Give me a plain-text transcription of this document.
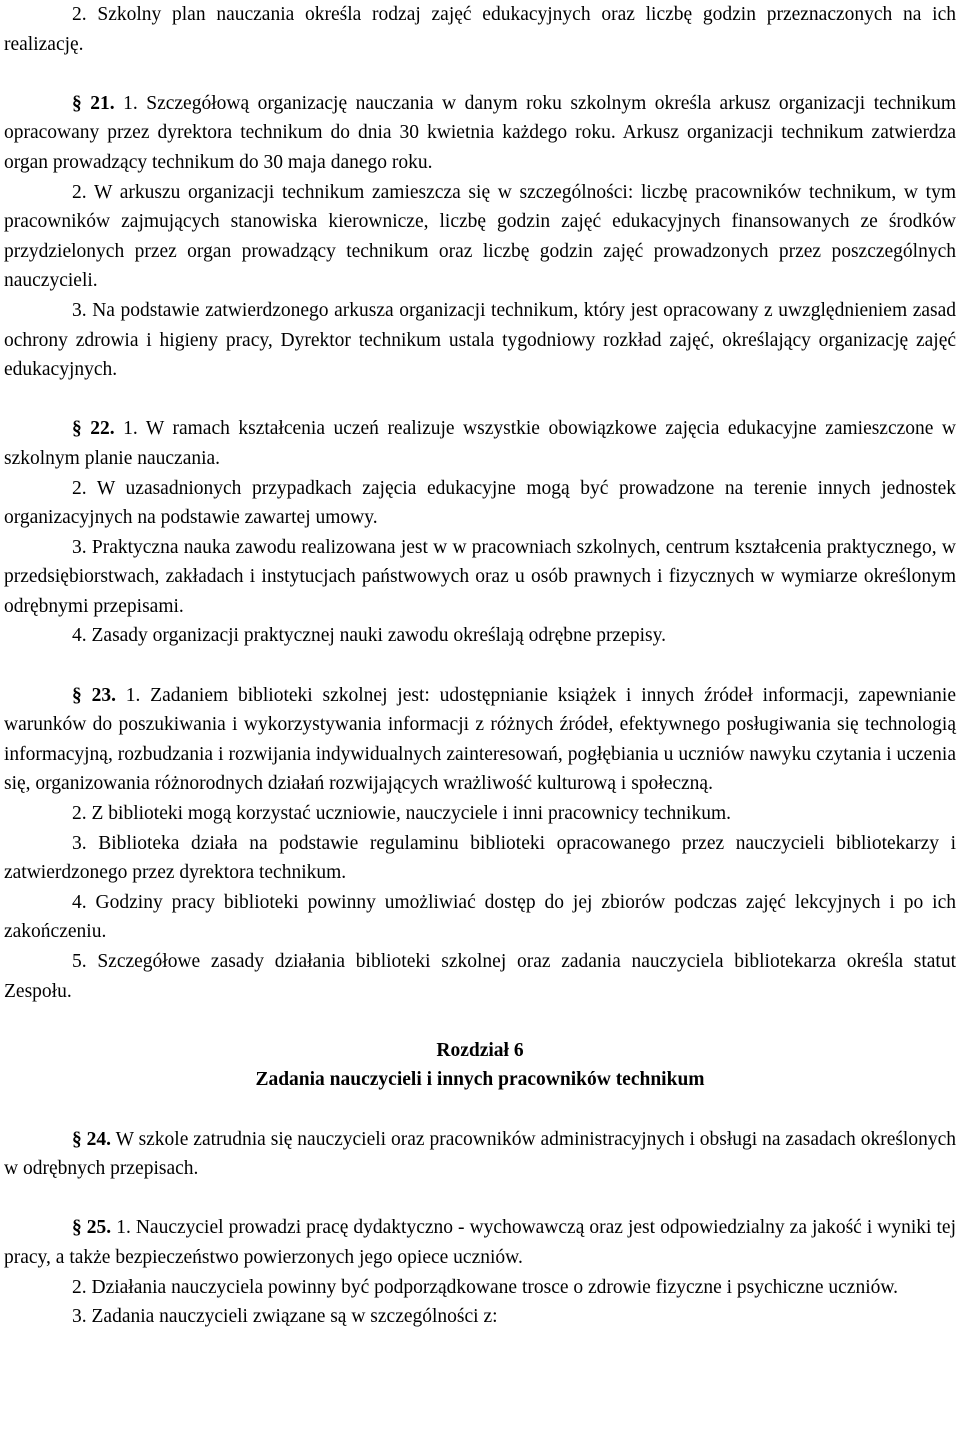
2. Szkolny plan nauczania określa rodzaj zajęć edukacyjnych oraz liczbę godzin przeznaczonych na ich realizację.

§ 21. 1. Szczegółową organizację nauczania w danym roku szkolnym określa arkusz organizacji technikum opracowany przez dyrektora technikum do dnia 30 kwietnia każdego roku. Arkusz organizacji technikum zatwierdza organ prowadzący technikum do 30 maja danego roku.

2. W arkuszu organizacji technikum zamieszcza się w szczególności: liczbę pracowników technikum, w tym pracowników zajmujących stanowiska kierownicze, liczbę godzin zajęć edukacyjnych finansowanych ze środków przydzielonych przez organ prowadzący technikum oraz liczbę godzin zajęć prowadzonych przez poszczególnych nauczycieli.

3. Na podstawie zatwierdzonego arkusza organizacji technikum, który jest opracowany z uwzględnieniem zasad ochrony zdrowia i higieny pracy, Dyrektor technikum ustala tygodniowy rozkład zajęć, określający organizację zajęć edukacyjnych.

§ 22. 1. W ramach kształcenia uczeń realizuje wszystkie obowiązkowe zajęcia edukacyjne zamieszczone w szkolnym planie nauczania.

2. W uzasadnionych przypadkach zajęcia edukacyjne mogą być prowadzone na terenie innych jednostek organizacyjnych na podstawie zawartej umowy.

3. Praktyczna nauka zawodu realizowana jest w w pracowniach szkolnych, centrum kształcenia praktycznego, w przedsiębiorstwach, zakładach i instytucjach państwowych oraz u osób prawnych i fizycznych w wymiarze określonym odrębnymi przepisami.

4. Zasady organizacji praktycznej nauki zawodu określają odrębne przepisy.

§ 23. 1. Zadaniem biblioteki szkolnej jest: udostępnianie książek i innych źródeł informacji, zapewnianie warunków do poszukiwania i wykorzystywania informacji z różnych źródeł, efektywnego posługiwania się technologią informacyjną, rozbudzania i rozwijania indywidualnych zainteresowań, pogłębiania u uczniów nawyku czytania i uczenia się, organizowania różnorodnych działań rozwijających wrażliwość kulturową i społeczną.

2. Z biblioteki mogą korzystać uczniowie, nauczyciele i inni pracownicy technikum.

3. Biblioteka działa na podstawie regulaminu biblioteki opracowanego przez nauczycieli bibliotekarzy i zatwierdzonego przez dyrektora technikum.

4. Godziny pracy biblioteki powinny umożliwiać dostęp do jej zbiorów podczas zajęć lekcyjnych i po ich zakończeniu.

5. Szczegółowe zasady działania biblioteki szkolnej oraz zadania nauczyciela bibliotekarza określa statut Zespołu.

Rozdział 6

Zadania nauczycieli i innych pracowników technikum

§ 24. W szkole zatrudnia się nauczycieli oraz pracowników administracyjnych i obsługi na zasadach określonych w odrębnych przepisach.

§ 25. 1. Nauczyciel prowadzi pracę dydaktyczno - wychowawczą oraz jest odpowiedzialny za jakość i wyniki tej pracy, a także bezpieczeństwo powierzonych jego opiece uczniów.

2. Działania nauczyciela powinny być podporządkowane trosce o zdrowie fizyczne i psychiczne uczniów.

3. Zadania nauczycieli związane są w szczególności z:
